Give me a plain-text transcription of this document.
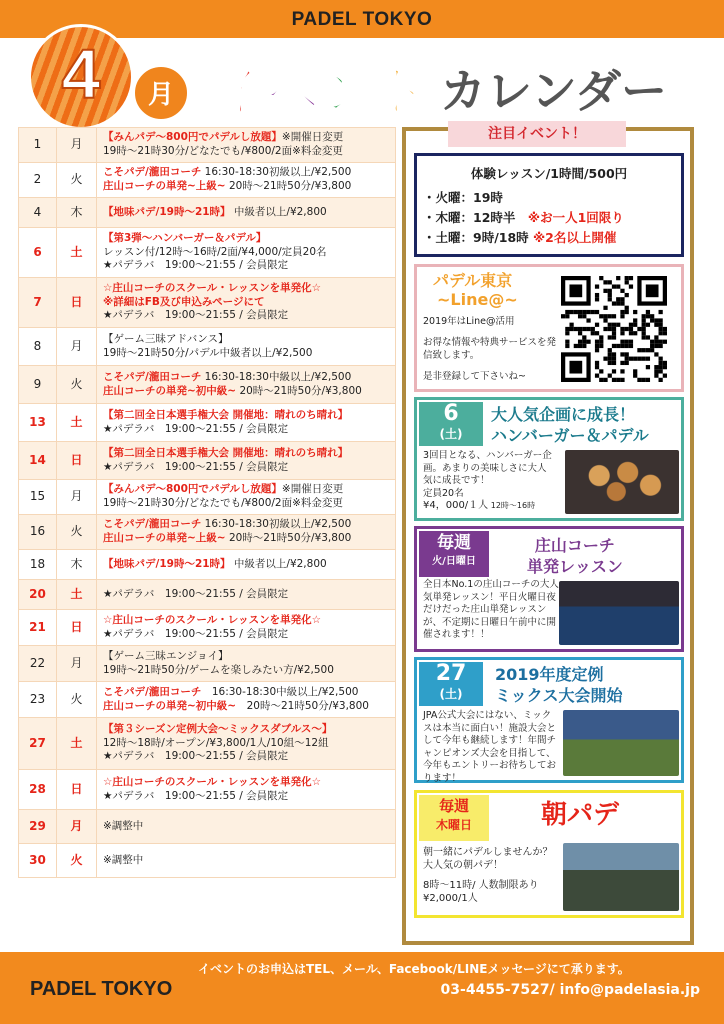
PADEL TOKYO
4	月 イベント カレンダー
1	月	【みんパデ～800円でパデルし放題】※開催日変更
19時～21時30分/どなたでも/¥800/2面※料金変更
2	火	こそパデ/瀧田コーチ 16:30-18:30初級以上/¥2,500
庄山コーチの単発~上級~ 20時～21時50分/¥3,800
4	木	【地味パデ/19時～21時】 中級者以上/¥2,800
6	土	【第3弾～ハンバーガー＆パデル】
レッスン付/12時～16時/2面/¥4,000/定員20名
★パデラバ　19:00～21:55 / 会員限定
7	日	☆庄山コーチのスクール・レッスンを単発化☆
※詳細はFB及び申込みページにて
★パデラバ　19:00～21:55 / 会員限定
8	月	【ゲーム三昧アドバンス】
19時～21時50分/パデル中級者以上/¥2,500
9	火	こそパデ/瀧田コーチ 16:30-18:30中級以上/¥2,500
庄山コーチの単発~初中級~ 20時～21時50分/¥3,800
13	土	【第二回全日本選手権大会 開催地：晴れのち晴れ】
★パデラバ　19:00～21:55 / 会員限定
14	日	【第二回全日本選手権大会 開催地：晴れのち晴れ】
★パデラバ　19:00～21:55 / 会員限定
15	月	【みんパデ～800円でパデルし放題】※開催日変更
19時～21時30分/どなたでも/¥800/2面※料金変更
16	火	こそパデ/瀧田コーチ 16:30-18:30初級以上/¥2,500
庄山コーチの単発~上級~ 20時～21時50分/¥3,800
18	木	【地味パデ/19時～21時】 中級者以上/¥2,800
20	土	★パデラバ　19:00～21:55 / 会員限定
21	日	☆庄山コーチのスクール・レッスンを単発化☆
★パデラバ　19:00～21:55 / 会員限定
22	月	【ゲーム三昧エンジョイ】
19時～21時50分/ゲームを楽しみたい方/¥2,500
23	火	こそパデ/瀧田コーチ　16:30-18:30中級以上/¥2,500
庄山コーチの単発~初中級~　20時～21時50分/¥3,800
27	土	【第３シーズン定例大会～ミックスダブルス～】
12時～18時/オープン/¥3,800/1人/10組～12組
★パデラバ　19:00～21:55 / 会員限定
28	日	☆庄山コーチのスクール・レッスンを単発化☆
★パデラバ　19:00～21:55 / 会員限定
29	月	※調整中
30	火	※調整中
注目イベント！
体験レッスン/1時間/500円
・火曜：19時
・木曜：12時半　 ※お一人1回限り
・土曜：9時/18時 ※2名以上開催
パデル東京
~Line@~
2019年はLine@活用
お得な情報や特典サービスを発信致します。
是非登録して下さいね~
6
(土)
大人気企画に成長！
ハンバーガー＆パデル
3回目となる、ハンバーガー企画。あまりの美味しさに大人気に成長です！
定員20名
¥4，000/１人 12時～16時
毎週
火/日曜日
庄山コーチ
単発レッスン
全日本No.1の庄山コーチの大人気単発レッスン！平日火曜日夜だけだった庄山単発レッスンが、不定期に日曜日午前中に開催されます！！
27
(土)
2019年度定例
ミックス大会開始
JPA公式大会にはない、ミックスは本当に面白い！施設大会として今年も継続します！年間チャンピオンズ大会を目指して、今年もエントリーお待ちしております！
毎週
木曜日	朝パデ
朝一緒にパデルしませんか？大人気の朝パデ！
8時～11時/ 人数制限あり
¥2,000/1人
PADEL TOKYO
イベントのお申込はTEL、メール、Facebook/LINEメッセージにて承ります。
03-4455-7527/ info@padelasia.jp
